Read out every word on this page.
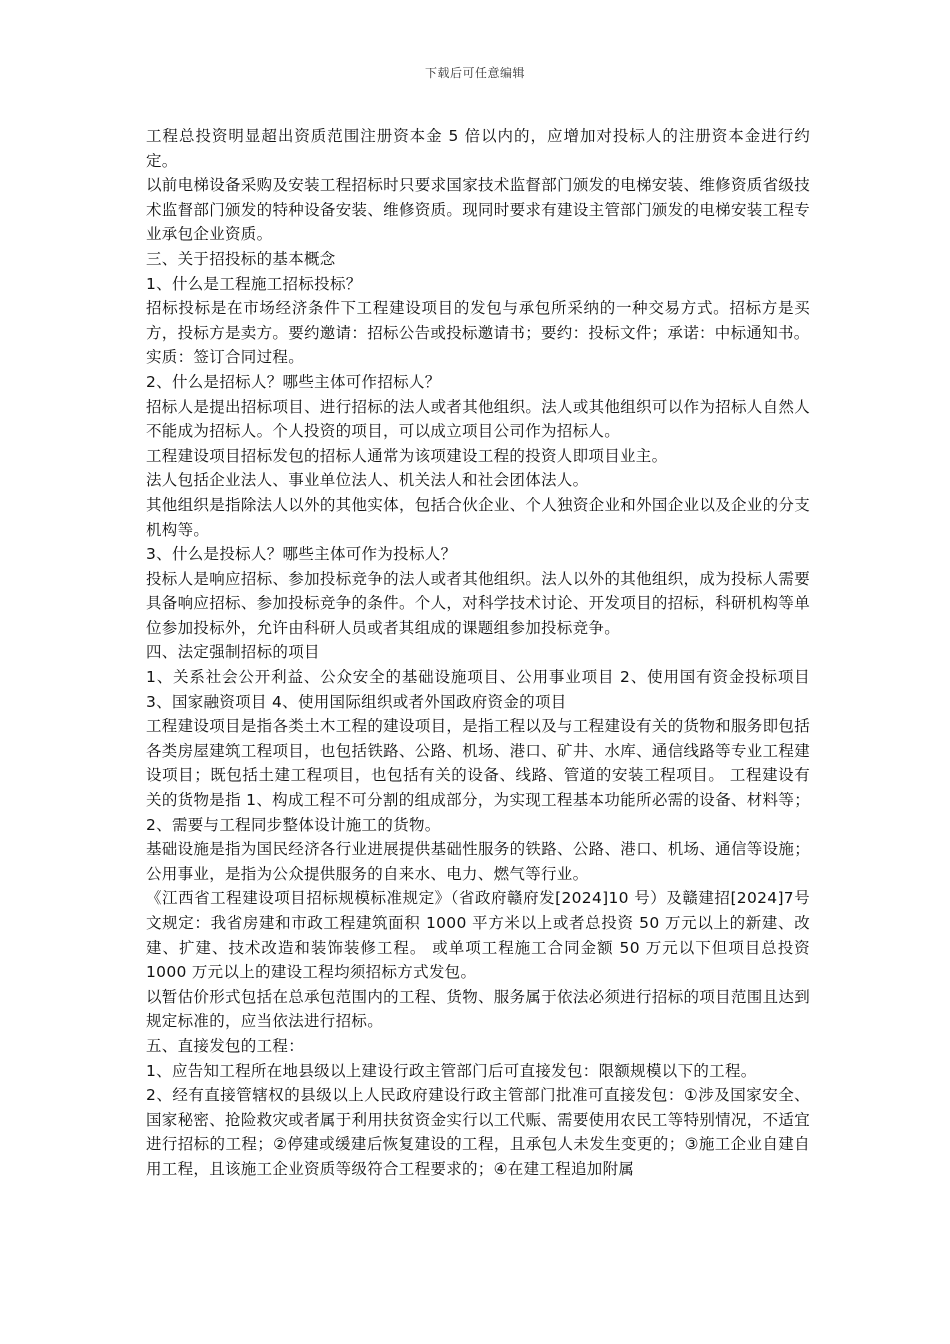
下载后可任意编辑

工程总投资明显超出资质范围注册资本金 5 倍以内的，应增加对投标人的注册资本金进行约定。

以前电梯设备采购及安装工程招标时只要求国家技术监督部门颁发的电梯安装、维修资质省级技术监督部门颁发的特种设备安装、维修资质。现同时要求有建设主管部门颁发的电梯安装工程专业承包企业资质。

三、关于招投标的基本概念

1、什么是工程施工招标投标？

招标投标是在市场经济条件下工程建设项目的发包与承包所采纳的一种交易方式。招标方是买方，投标方是卖方。要约邀请：招标公告或投标邀请书；要约：投标文件；承诺：中标通知书。

实质：签订合同过程。

2、什么是招标人？哪些主体可作招标人？

招标人是提出招标项目、进行招标的法人或者其他组织。法人或其他组织可以作为招标人自然人不能成为招标人。个人投资的项目，可以成立项目公司作为招标人。

工程建设项目招标发包的招标人通常为该项建设工程的投资人即项目业主。

法人包括企业法人、事业单位法人、机关法人和社会团体法人。

其他组织是指除法人以外的其他实体，包括合伙企业、个人独资企业和外国企业以及企业的分支机构等。

3、什么是投标人？哪些主体可作为投标人？

投标人是响应招标、参加投标竞争的法人或者其他组织。法人以外的其他组织，成为投标人需要具备响应招标、参加投标竞争的条件。个人，对科学技术讨论、开发项目的招标，科研机构等单位参加投标外，允许由科研人员或者其组成的课题组参加投标竞争。

四、法定强制招标的项目

1、关系社会公开利益、公众安全的基础设施项目、公用事业项目 2、使用国有资金投标项目 3、国家融资项目 4、使用国际组织或者外国政府资金的项目

工程建设项目是指各类土木工程的建设项目，是指工程以及与工程建设有关的货物和服务即包括各类房屋建筑工程项目，也包括铁路、公路、机场、港口、矿井、水库、通信线路等专业工程建设项目；既包括土建工程项目，也包括有关的设备、线路、管道的安装工程项目。 工程建设有关的货物是指 1、构成工程不可分割的组成部分，为实现工程基本功能所必需的设备、材料等；2、需要与工程同步整体设计施工的货物。

基础设施是指为国民经济各行业进展提供基础性服务的铁路、公路、港口、机场、通信等设施；公用事业，是指为公众提供服务的自来水、电力、燃气等行业。

《江西省工程建设项目招标规模标准规定》（省政府赣府发[2024]10 号）及赣建招[2024]7号文规定：我省房建和市政工程建筑面积 1000 平方米以上或者总投资 50 万元以上的新建、改建、扩建、技术改造和装饰装修工程。 或单项工程施工合同金额 50 万元以下但项目总投资 1000 万元以上的建设工程均须招标方式发包。

以暂估价形式包括在总承包范围内的工程、货物、服务属于依法必须进行招标的项目范围且达到规定标准的，应当依法进行招标。

五、直接发包的工程：

1、应告知工程所在地县级以上建设行政主管部门后可直接发包：限额规模以下的工程。

2、经有直接管辖权的县级以上人民政府建设行政主管部门批准可直接发包：①涉及国家安全、国家秘密、抢险救灾或者属于利用扶贫资金实行以工代赈、需要使用农民工等特别情况，不适宜进行招标的工程；②停建或缓建后恢复建设的工程，且承包人未发生变更的；③施工企业自建自用工程，且该施工企业资质等级符合工程要求的；④在建工程追加附属
